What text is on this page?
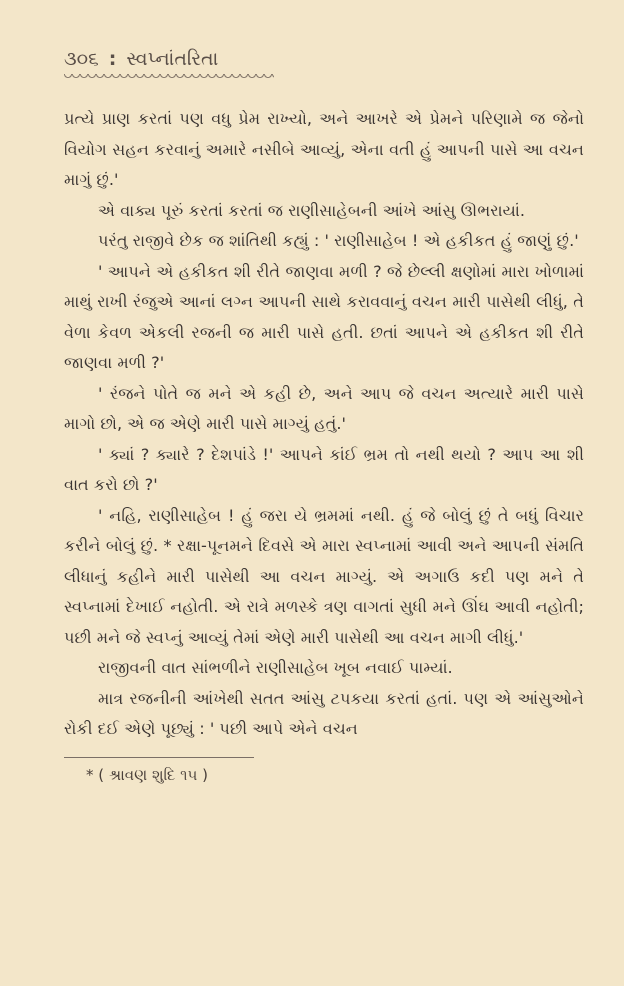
૩૦૬ : સ્વપ્નાંતરિતા

પ્રત્યે પ્રાણ કરતાં પણ વધુ પ્રેમ રાખ્યો, અને આખરે એ પ્રેમને પરિણામે જ જેનો વિયોગ સહન કરવાનું અમારે નસીબે આવ્યું, એના વતી હું આપની પાસે આ વચન માગું છું.'

એ વાક્ય પૂરું કરતાં કરતાં જ રાણીસાહેબની આંખે આંસુ ઊભરાયાં.

પરંતુ રાજીવે છેક જ શાંતિથી કહ્યું : ' રાણીસાહેબ ! એ હકીકત હું જાણું છું.'

' આપને એ હકીકત શી રીતે જાણવા મળી ? જે છેલ્લી ક્ષણોમાં મારા ખોળામાં માથું રાખી રંજુએ આનાં લગ્ન આપની સાથે કરાવવાનું વચન મારી પાસેથી લીધું, તે વેળા કેવળ એકલી રજની જ મારી પાસે હતી. છતાં આપને એ હકીકત શી રીતે જાણવા મળી ?'

' રંજને પોતે જ મને એ કહી છે, અને આપ જે વચન અત્યારે મારી પાસે માગો છો, એ જ એણે મારી પાસે માગ્યું હતું.'

' ક્યાં ? ક્યારે ? દેશપાંડે !' આપને કાંઈ ભ્રમ તો નથી થયો ? આપ આ શી વાત કરો છો ?'

' નહિ, રાણીસાહેબ ! હું જરા યે ભ્રમમાં નથી. હું જે બોલું છું તે બધું વિચાર કરીને બોલું છું. * રક્ષા-પૂનમને દિવસે એ મારા સ્વપ્નામાં આવી અને આપની સંમતિ લીધાનું કહીને મારી પાસેથી આ વચન માગ્યું. એ અગાઉ કદી પણ મને તે સ્વપ્નામાં દેખાઈ નહોતી. એ રાત્રે મળસ્કે ત્રણ વાગતાં સુધી મને ઊંઘ આવી નહોતી; પછી મને જે સ્વપ્નું આવ્યું તેમાં એણે મારી પાસેથી આ વચન માગી લીધું.'

રાજીવની વાત સાંભળીને રાણીસાહેબ ખૂબ નવાઈ પામ્યાં.

માત્ર રજનીની આંખેથી સતત આંસુ ટપકયા કરતાં હતાં. પણ એ આંસુઓને રોકી દઈ એણે પૂછ્યું : ' પછી આપે એને વચન

* ( શ્રાવણ શુદિ ૧૫ )
